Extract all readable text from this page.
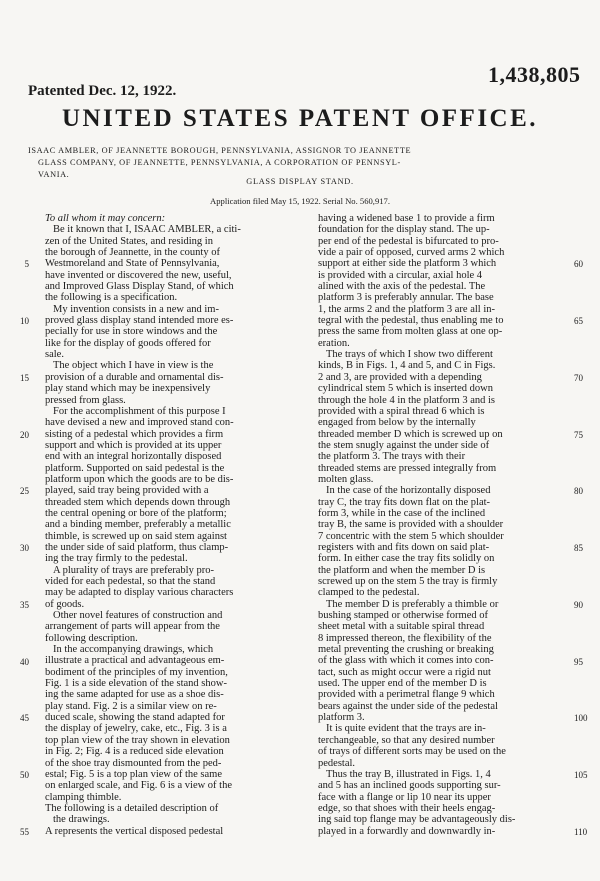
1,438,805
Patented Dec. 12, 1922.
UNITED STATES PATENT OFFICE.
ISAAC AMBLER, OF JEANNETTE BOROUGH, PENNSYLVANIA, ASSIGNOR TO JEANNETTE
GLASS COMPANY, OF JEANNETTE, PENNSYLVANIA, A CORPORATION OF PENNSYL-
VANIA.
GLASS DISPLAY STAND.
Application filed May 15, 1922. Serial No. 560,917.
To all whom it may concern:
Be it known that I, ISAAC AMBLER, a citi-
zen of the United States, and residing in
the borough of Jeannette, in the county of
Westmoreland and State of Pennsylvania,
have invented or discovered the new, useful,
and Improved Glass Display Stand, of which
the following is a specification.
My invention consists in a new and im-
proved glass display stand intended more es-
pecially for use in store windows and the
like for the display of goods offered for
sale.
The object which I have in view is the
provision of a durable and ornamental dis-
play stand which may be inexpensively
pressed from glass.
For the accomplishment of this purpose I
have devised a new and improved stand con-
sisting of a pedestal which provides a firm
support and which is provided at its upper
end with an integral horizontally disposed
platform. Supported on said pedestal is the
platform upon which the goods are to be dis-
played, said tray being provided with a
threaded stem which depends down through
the central opening or bore of the platform;
and a binding member, preferably a metallic
thimble, is screwed up on said stem against
the under side of said platform, thus clamp-
ing the tray firmly to the pedestal.
A plurality of trays are preferably pro-
vided for each pedestal, so that the stand
may be adapted to display various characters
of goods.
Other novel features of construction and
arrangement of parts will appear from the
following description.
In the accompanying drawings, which
illustrate a practical and advantageous em-
bodiment of the principles of my invention,
Fig. 1 is a side elevation of the stand show-
ing the same adapted for use as a shoe dis-
play stand. Fig. 2 is a similar view on re-
duced scale, showing the stand adapted for
the display of jewelry, cake, etc., Fig. 3 is a
top plan view of the tray shown in elevation
in Fig. 2; Fig. 4 is a reduced side elevation
of the shoe tray dismounted from the ped-
estal; Fig. 5 is a top plan view of the same
on enlarged scale, and Fig. 6 is a view of the
clamping thimble.
The following is a detailed description of
the drawings.
A represents the vertical disposed pedestal
having a widened base 1 to provide a firm
foundation for the display stand. The up-
per end of the pedestal is bifurcated to pro-
vide a pair of opposed, curved arms 2 which
support at either side the platform 3 which
is provided with a circular, axial hole 4
alined with the axis of the pedestal. The
platform 3 is preferably annular. The base
1, the arms 2 and the platform 3 are all in-
tegral with the pedestal, thus enabling me to
press the same from molten glass at one op-
eration.
The trays of which I show two different
kinds, B in Figs. 1, 4 and 5, and C in Figs.
2 and 3, are provided with a depending
cylindrical stem 5 which is inserted down
through the hole 4 in the platform 3 and is
provided with a spiral thread 6 which is
engaged from below by the internally
threaded member D which is screwed up on
the stem snugly against the under side of
the platform 3. The trays with their
threaded stems are pressed integrally from
molten glass.
In the case of the horizontally disposed
tray C, the tray fits down flat on the plat-
form 3, while in the case of the inclined
tray B, the same is provided with a shoulder
7 concentric with the stem 5 which shoulder
registers with and fits down on said plat-
form. In either case the tray fits solidly on
the platform and when the member D is
screwed up on the stem 5 the tray is firmly
clamped to the pedestal.
The member D is preferably a thimble or
bushing stamped or otherwise formed of
sheet metal with a suitable spiral thread
8 impressed thereon, the flexibility of the
metal preventing the crushing or breaking
of the glass with which it comes into con-
tact, such as might occur were a rigid nut
used. The upper end of the member D is
provided with a perimetral flange 9 which
bears against the under side of the pedestal
platform 3.
It is quite evident that the trays are in-
terchangeable, so that any desired number
of trays of different sorts may be used on the
pedestal.
Thus the tray B, illustrated in Figs. 1, 4
and 5 has an inclined goods supporting sur-
face with a flange or lip 10 near its upper
edge, so that shoes with their heels engag-
ing said top flange may be advantageously dis-
played in a forwardly and downwardly in-
5
10
15
20
25
30
35
40
45
50
55
60
65
70
75
80
85
90
95
100
105
110
